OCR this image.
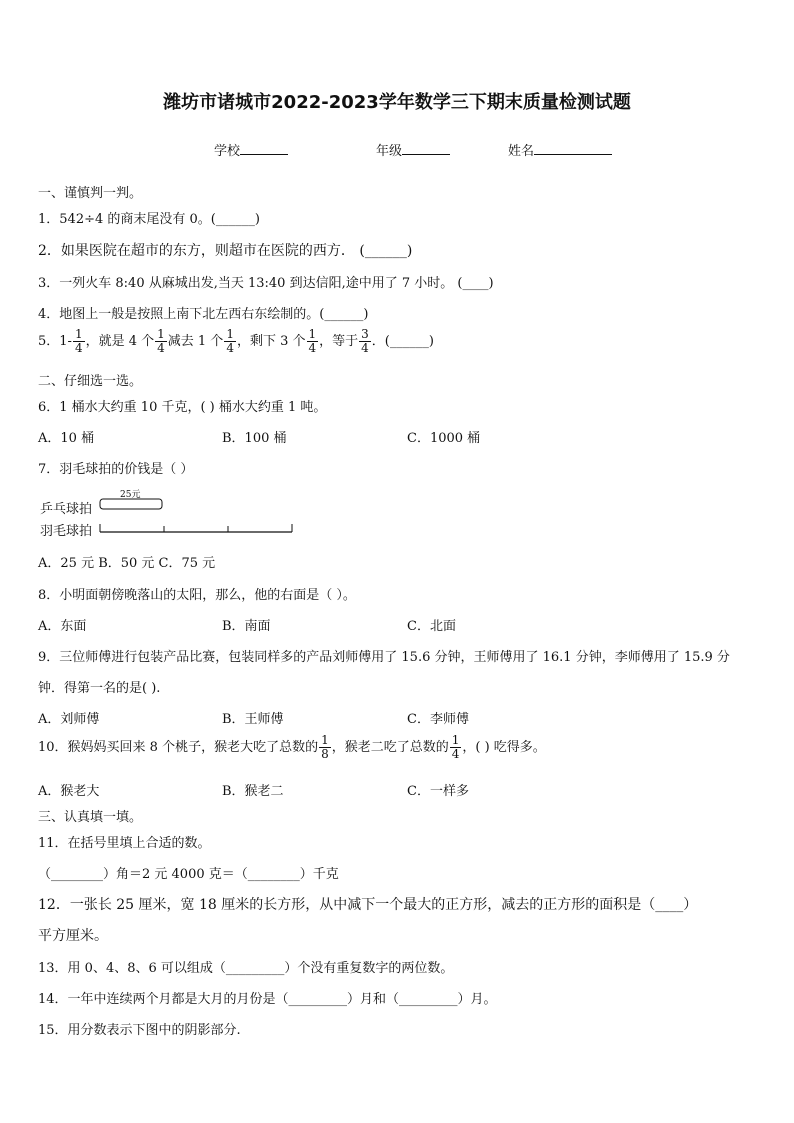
潍坊市诸城市2022-2023学年数学三下期末质量检测试题
学校	年级	姓名
一、谨慎判一判。
1．542÷4 的商末尾没有 0。(______)
2．如果医院在超市的东方，则超市在医院的西方． (______)
3．一列火车 8:40 从麻城出发,当天 13:40 到达信阳,途中用了 7 小时。 (____)
4．地图上一般是按照上南下北左西右东绘制的。(______)
5．$1- \frac{1}{4}$ ，就是 4 个 $\frac{1}{4}$ 减去 1 个 $\frac{1}{4}$ ，剩下 3 个 $\frac{1}{4}$ ，等于 $\frac{3}{4}$ ．(______)
二、仔细选一选。
6．1 桶水大约重 10 千克，( ) 桶水大约重 1 吨。
A．10 桶	B．100 桶	C．1000 桶
7．羽毛球拍的价钱是（ ）
乒乓球拍
羽毛球拍
25元
A．25 元 B．50 元 C．75 元
8．小明面朝傍晚落山的太阳，那么，他的右面是（ ）。
A．东面	B．南面	C．北面
9．三位师傅进行包装产品比赛，包装同样多的产品刘师傅用了 15.6 分钟，王师傅用了 16.1 分钟，李师傅用了 15.9 分
钟．得第一名的是( ).
A．刘师傅	B．王师傅	C．李师傅
10．猴妈妈买回来 8 个桃子，猴老大吃了总数的 $\frac{1}{8}$ ，猴老二吃了总数的 $\frac{1}{4}$ ，( ) 吃得多。
A．猴老大	B．猴老二	C．一样多
三、认真填一填。
11．在括号里填上合适的数。
（________）角＝2 元 4000 克＝（________）千克
12．一张长 25 厘米，宽 18 厘米的长方形，从中减下一个最大的正方形，减去的正方形的面积是（____）
平方厘米。
13．用 0、4、8、6 可以组成（_________）个没有重复数字的两位数。
14．一年中连续两个月都是大月的月份是（_________）月和（_________）月。
15．用分数表示下图中的阴影部分.
